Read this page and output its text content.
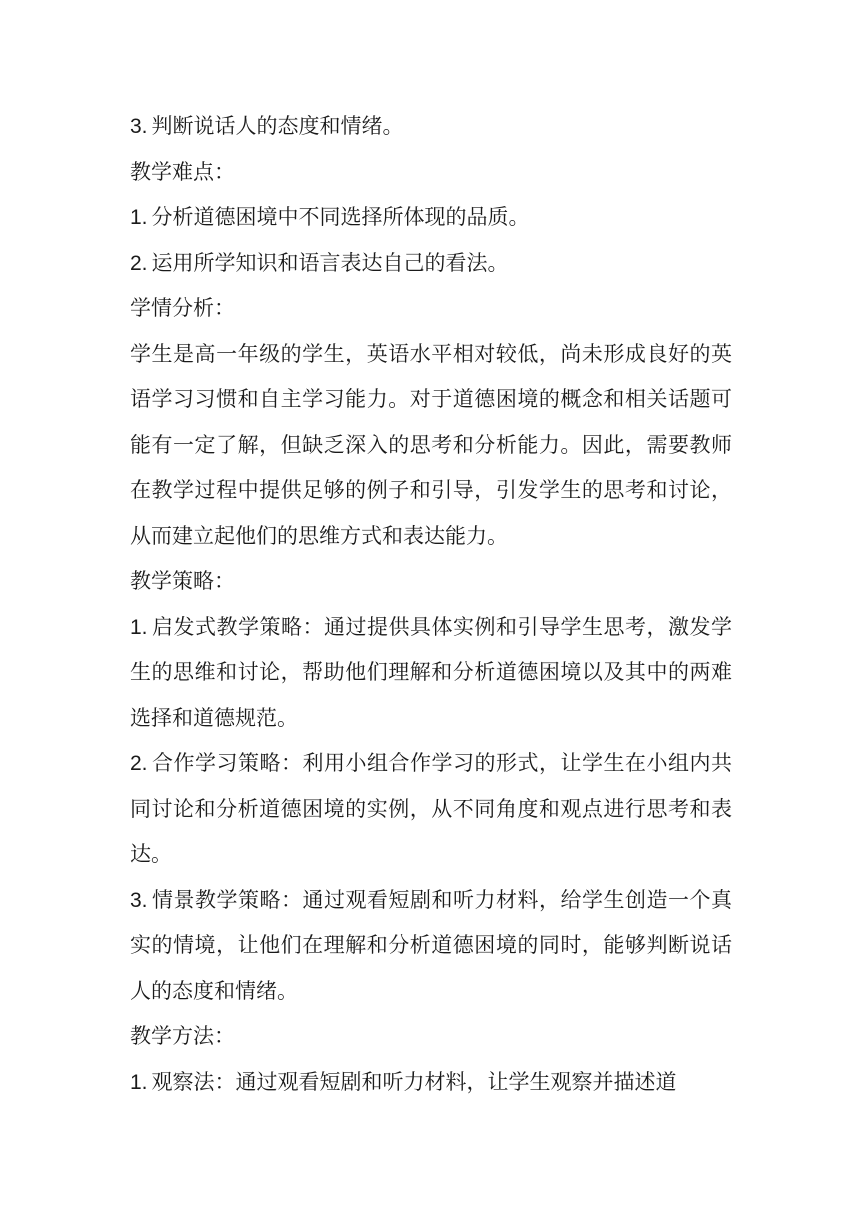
3. 判断说话人的态度和情绪。

教学难点：

1. 分析道德困境中不同选择所体现的品质。

2. 运用所学知识和语言表达自己的看法。

学情分析：

学生是高一年级的学生，英语水平相对较低，尚未形成良好的英语学习习惯和自主学习能力。对于道德困境的概念和相关话题可能有一定了解，但缺乏深入的思考和分析能力。因此，需要教师在教学过程中提供足够的例子和引导，引发学生的思考和讨论，从而建立起他们的思维方式和表达能力。

教学策略：

1. 启发式教学策略：通过提供具体实例和引导学生思考，激发学生的思维和讨论，帮助他们理解和分析道德困境以及其中的两难选择和道德规范。

2. 合作学习策略：利用小组合作学习的形式，让学生在小组内共同讨论和分析道德困境的实例，从不同角度和观点进行思考和表达。

3. 情景教学策略：通过观看短剧和听力材料，给学生创造一个真实的情境，让他们在理解和分析道德困境的同时，能够判断说话人的态度和情绪。

教学方法：

1. 观察法：通过观看短剧和听力材料，让学生观察并描述道
